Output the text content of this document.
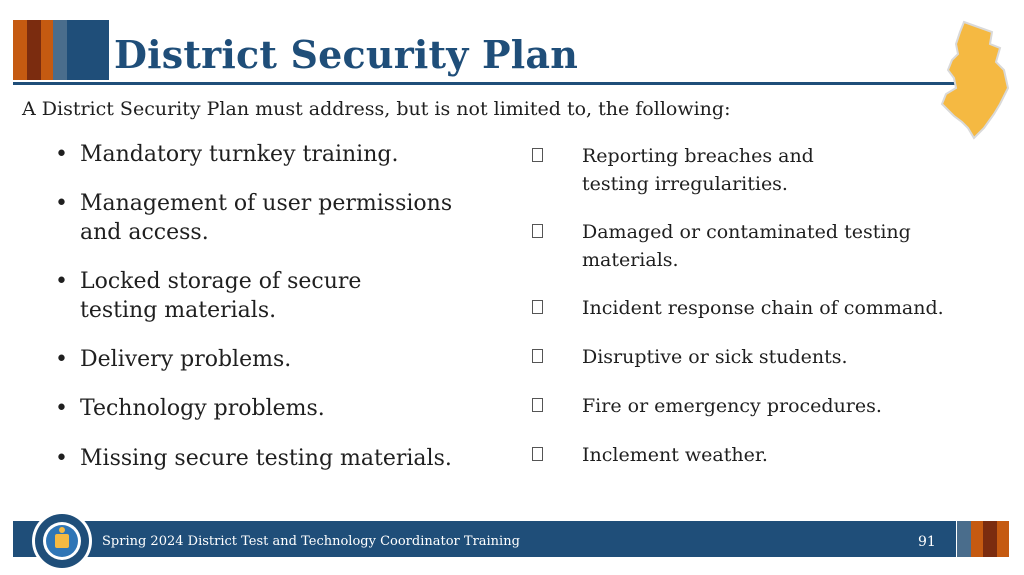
District Security Plan
A District Security Plan must address, but is not limited to, the following:
• Mandatory turnkey training.
• Management of user permissions and access.
• Locked storage of secure testing materials.
• Delivery problems.
• Technology problems.
• Missing secure testing materials.
Reporting breaches and testing irregularities.
Damaged or contaminated testing materials.
Incident response chain of command.
Disruptive or sick students.
Fire or emergency procedures.
Inclement weather.
Spring 2024 District Test and Technology Coordinator Training	91
